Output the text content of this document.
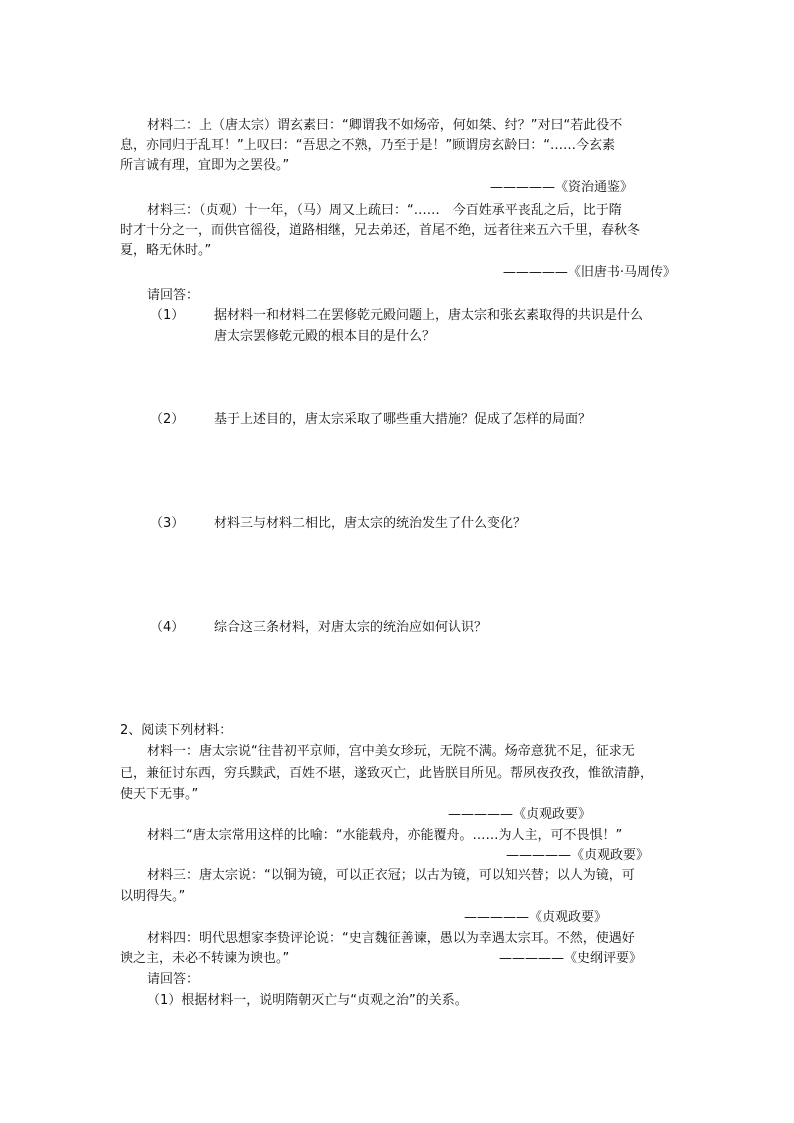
材料二：上（唐太宗）谓玄素曰：“卿谓我不如炀帝，何如桀、纣？”对曰“若此役不
息，亦同归于乱耳！”上叹曰：“吾思之不熟，乃至于是！”顾谓房玄龄曰：“……今玄素
所言诚有理，宜即为之罢役。”
—————《资治通鉴》
材料三：（贞观）十一年，（马）周又上疏曰：“……　今百姓承平丧乱之后，比于隋
时才十分之一，而供官徭役，道路相继，兄去弟还，首尾不绝，远者往来五六千里，春秋冬
夏，略无休时。”
—————《旧唐书·马周传》
请回答：
（1） 据材料一和材料二在罢修乾元殿问题上，唐太宗和张玄素取得的共识是什么
唐太宗罢修乾元殿的根本目的是什么？
（2） 基于上述目的，唐太宗采取了哪些重大措施？促成了怎样的局面？
（3） 材料三与材料二相比，唐太宗的统治发生了什么变化？
（4） 综合这三条材料，对唐太宗的统治应如何认识？
2、阅读下列材料：
材料一：唐太宗说“往昔初平京师，宫中美女珍玩，无院不满。炀帝意犹不足，征求无
已，兼征讨东西，穷兵黩武，百姓不堪，遂致灭亡，此皆朕目所见。帮夙夜孜孜，惟欲清静，
使天下无事。”
—————《贞观政要》
材料二“唐太宗常用这样的比喻：“水能载舟，亦能覆舟。……为人主，可不畏惧！”
—————《贞观政要》
材料三：唐太宗说：“以铜为镜，可以正衣冠；以古为镜，可以知兴替；以人为镜，可
以明得失。”
—————《贞观政要》
材料四：明代思想家李贽评论说：“史言魏征善谏，愚以为幸遇太宗耳。不然，使遇好
谀之主，未必不转谏为谀也。”	—————《史纲评要》
请回答：
（1）根据材料一，说明隋朝灭亡与“贞观之治”的关系。
